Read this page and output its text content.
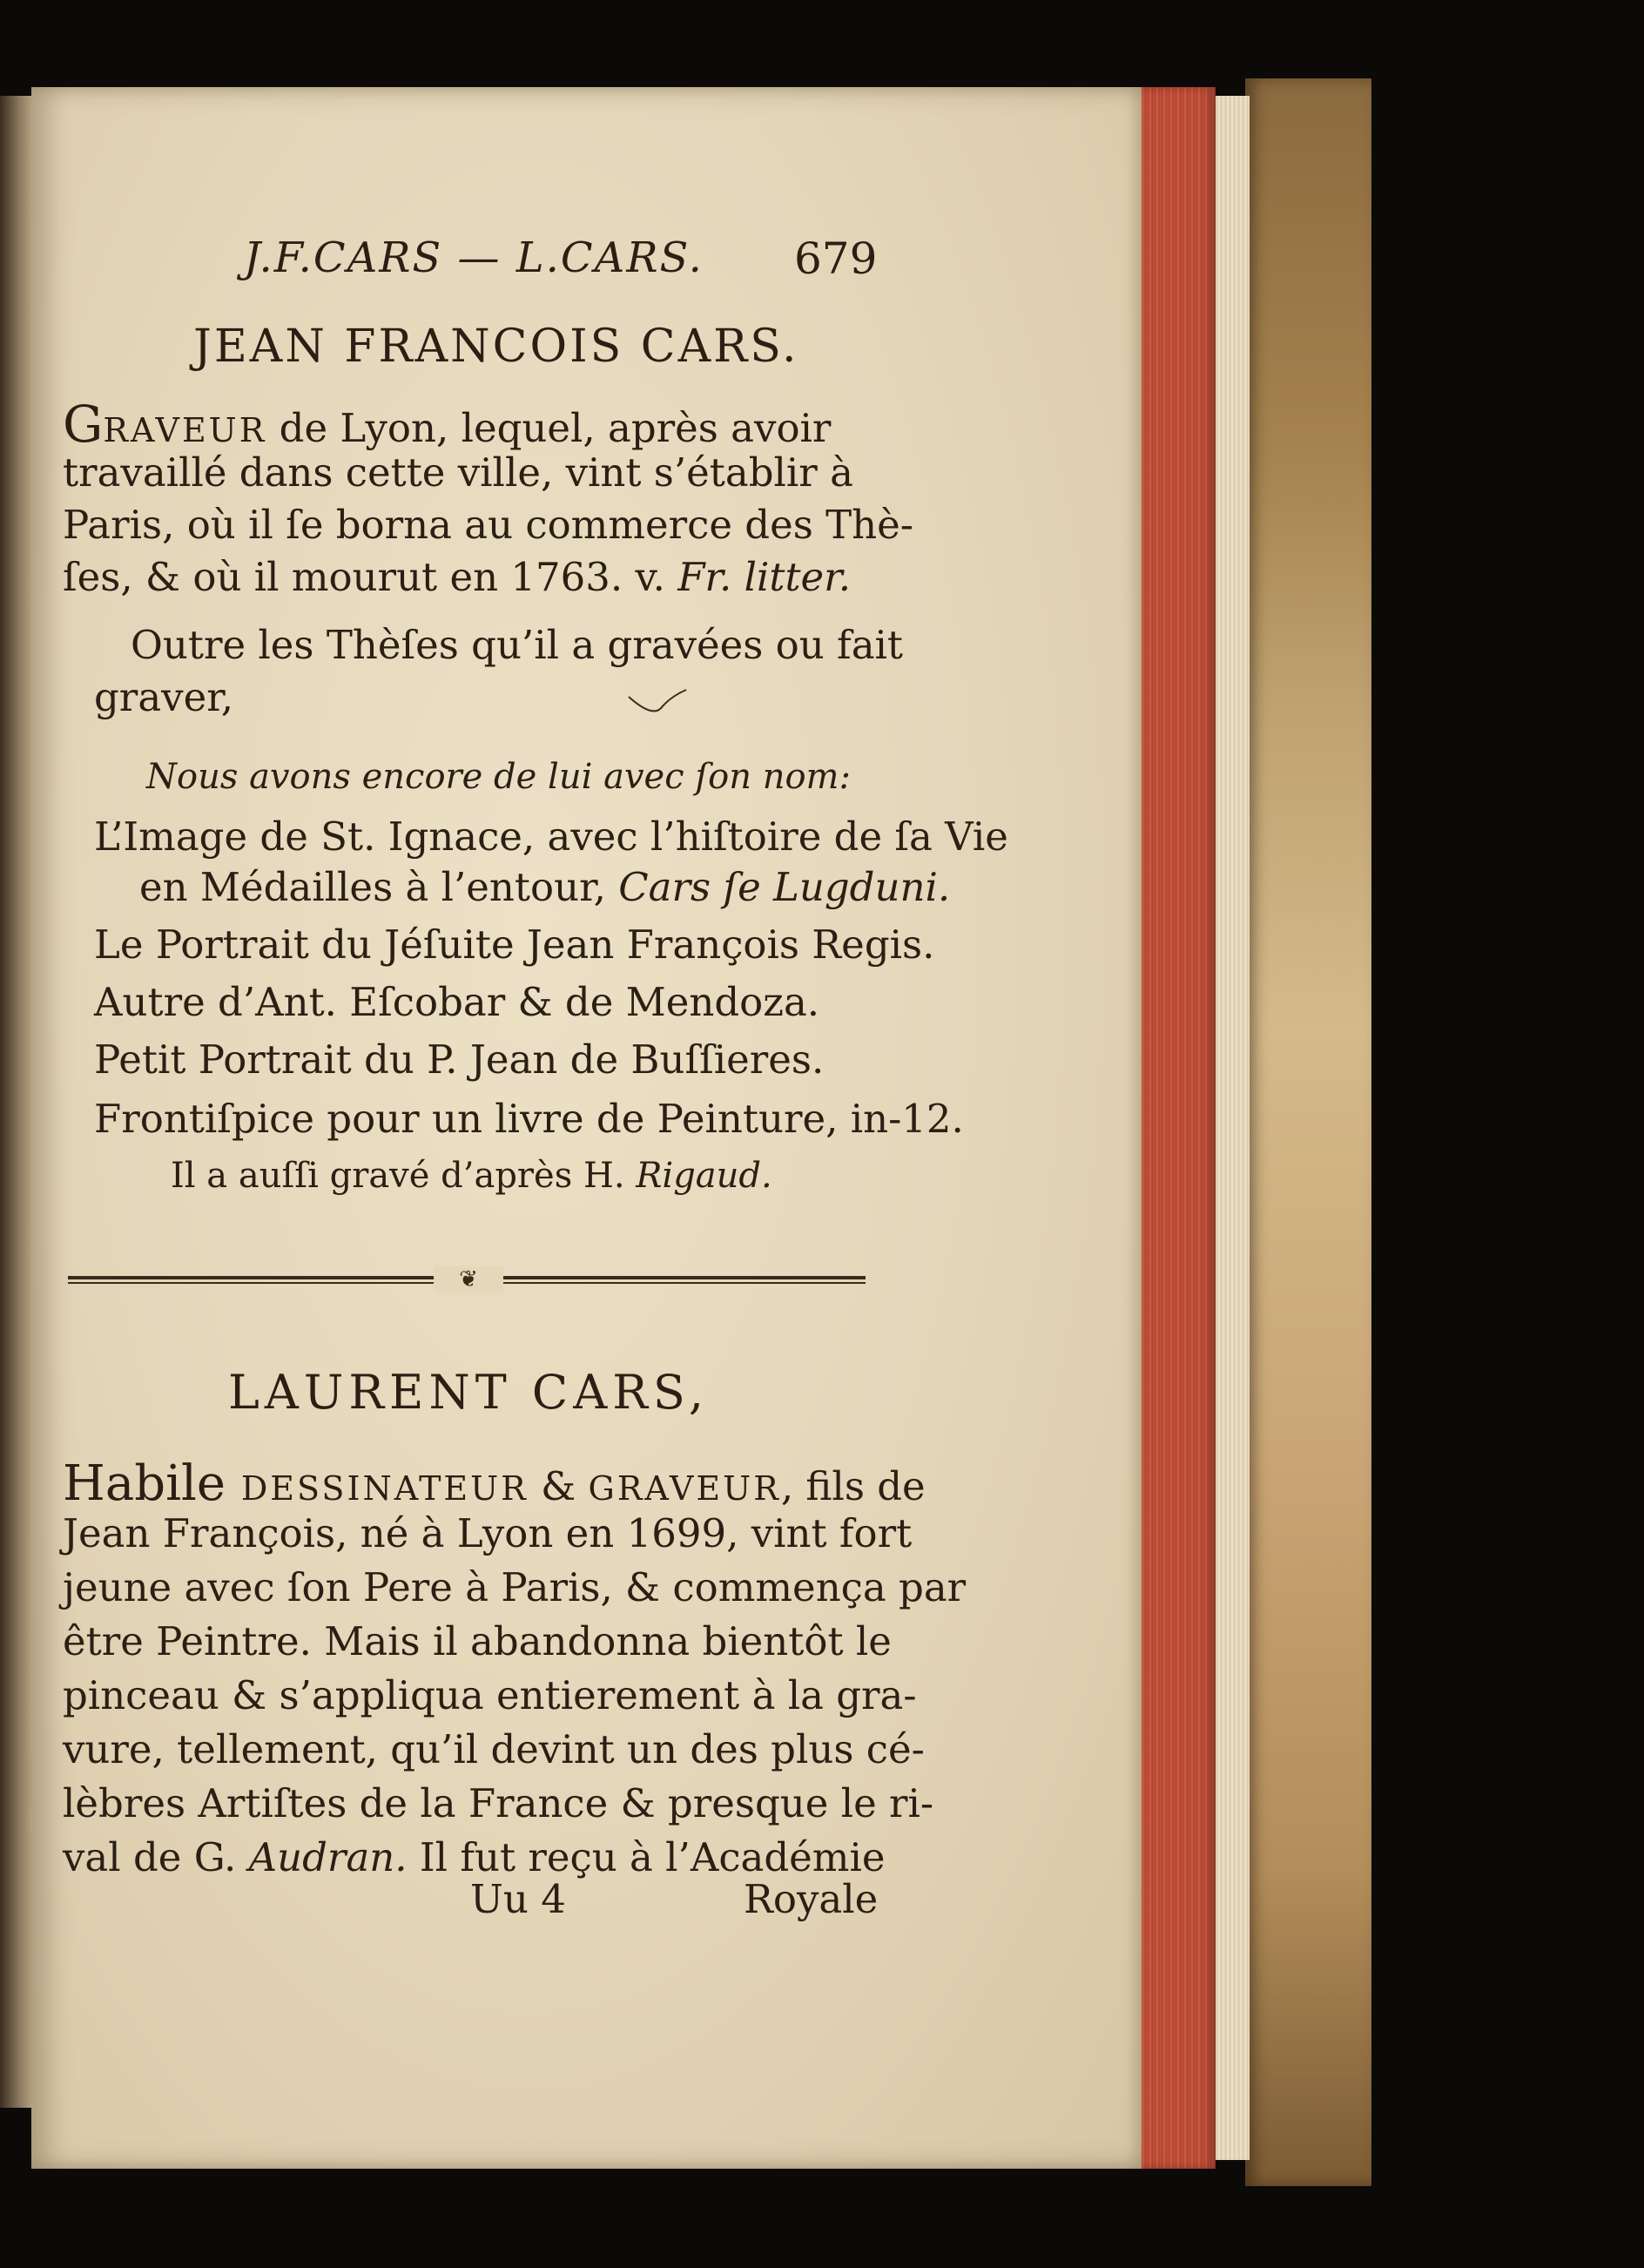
J.F.CARS — L.CARS. 679
JEAN FRANCOIS CARS.
GRAVEUR de Lyon, lequel, après avoir
travaillé dans cette ville, vint s’établir à
Paris, où il ſe borna au commerce des Thè-
ſes, & où il mourut en 1763. v. Fr. litter.
Outre les Thèſes qu’il a gravées ou fait
graver,
Nous avons encore de lui avec ſon nom:
L’Image de St. Ignace, avec l’hiſtoire de ſa Vie
en Médailles à l’entour, Cars ſe Lugduni.
Le Portrait du Jéſuite Jean François Regis.
Autre d’Ant. Eſcobar & de Mendoza.
Petit Portrait du P. Jean de Buſſieres.
Frontiſpice pour un livre de Peinture, in-12.
Il a auſſi gravé d’après H. Rigaud.
❦
LAURENT CARS,
Habile DESSINATEUR & GRAVEUR, fils de
Jean François, né à Lyon en 1699, vint fort
jeune avec ſon Pere à Paris, & commença par
être Peintre. Mais il abandonna bientôt le
pinceau & s’appliqua entierement à la gra-
vure, tellement, qu’il devint un des plus cé-
lèbres Artiſtes de la France & presque le ri-
val de G. Audran. Il fut reçu à l’Académie
Uu 4	Royale
